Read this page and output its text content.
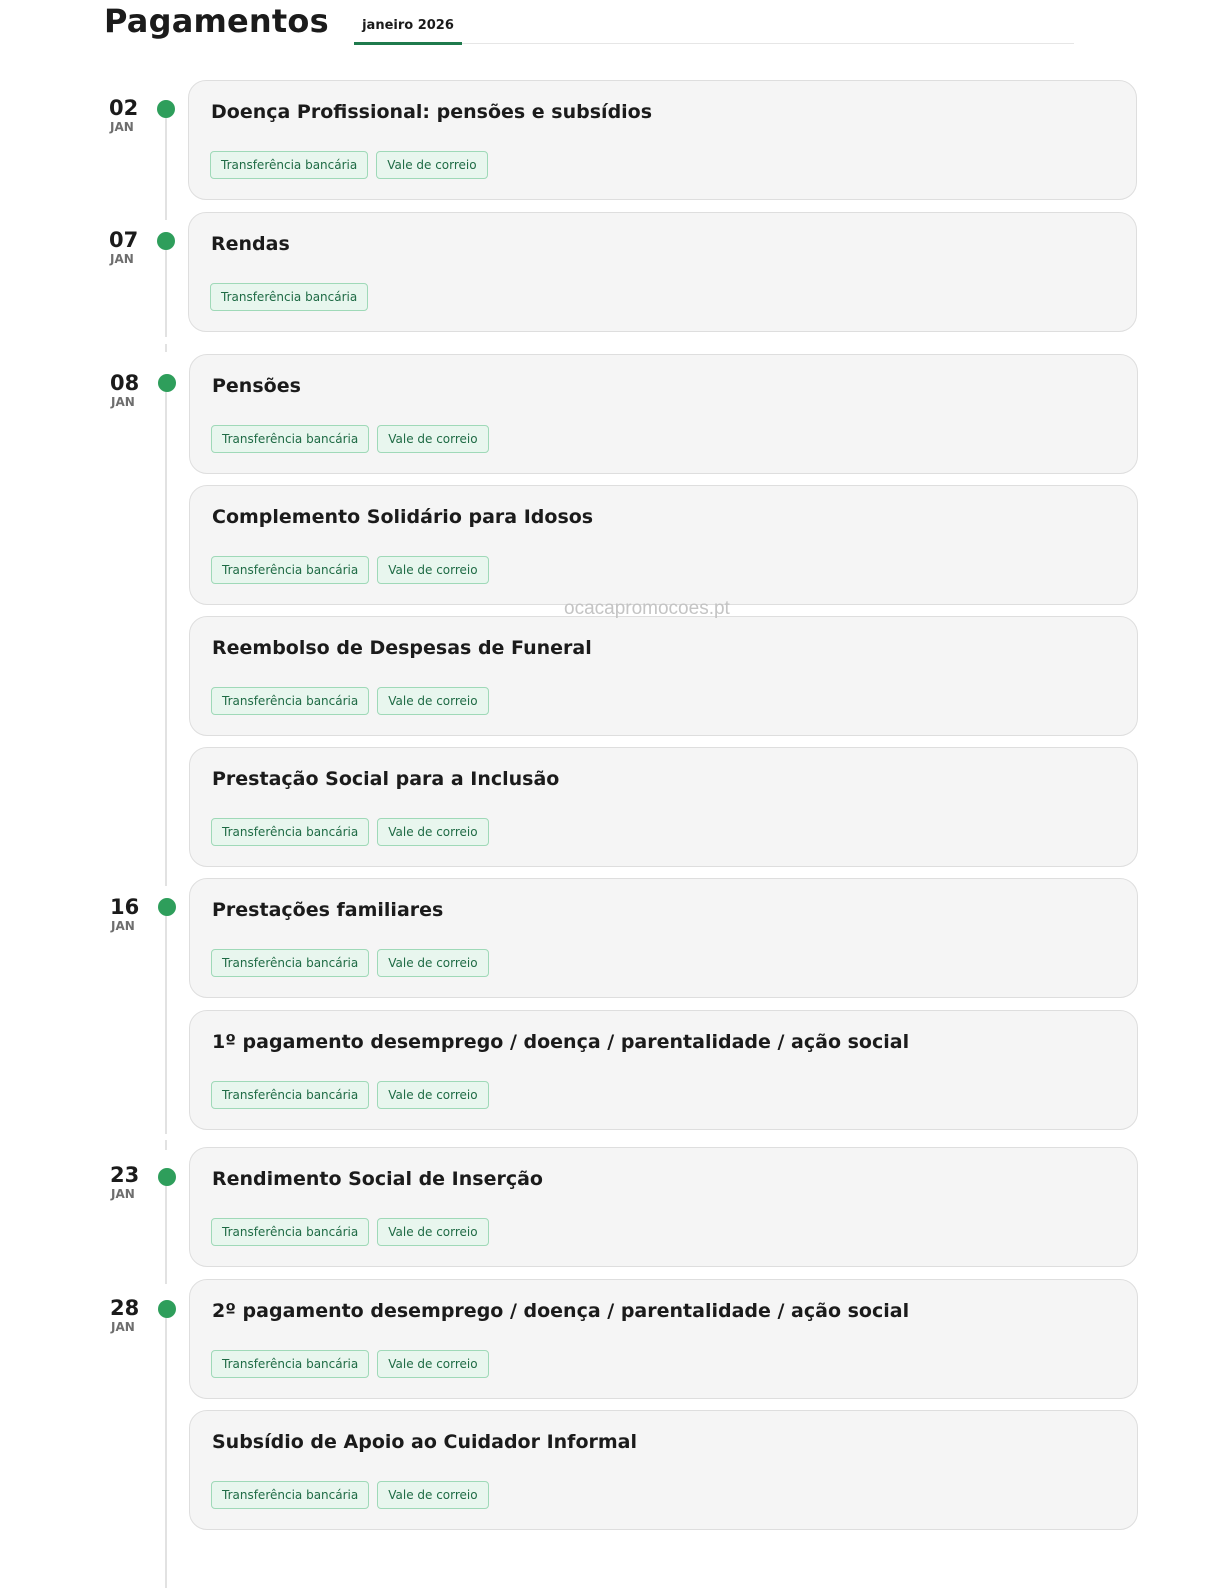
Pagamentos	janeiro 2026
02
JAN
07
JAN
08
JAN
16
JAN
23
JAN
28
JAN
Doença Profissional: pensões e subsídios
Transferência bancária	Vale de correio
Rendas
Transferência bancária
Pensões
Transferência bancária	Vale de correio
Complemento Solidário para Idosos
Transferência bancária	Vale de correio
Reembolso de Despesas de Funeral
Transferência bancária	Vale de correio
Prestação Social para a Inclusão
Transferência bancária	Vale de correio
Prestações familiares
Transferência bancária	Vale de correio
1º pagamento desemprego / doença / parentalidade / ação social
Transferência bancária	Vale de correio
Rendimento Social de Inserção
Transferência bancária	Vale de correio
2º pagamento desemprego / doença / parentalidade / ação social
Transferência bancária	Vale de correio
Subsídio de Apoio ao Cuidador Informal
Transferência bancária	Vale de correio
ocacapromocoes.pt
